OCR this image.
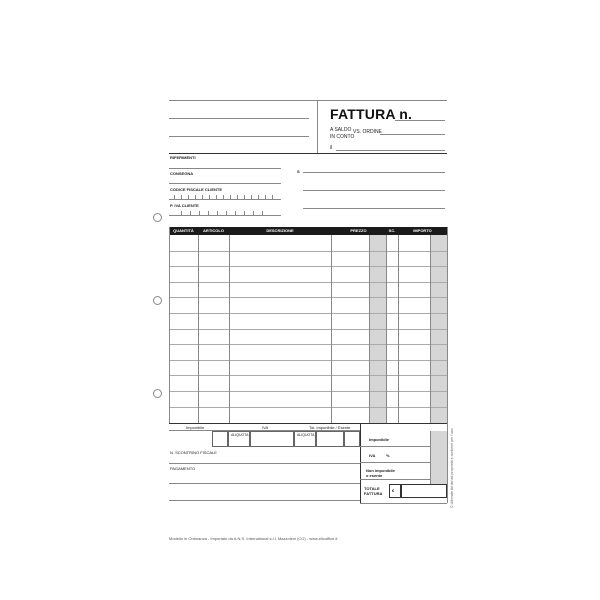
FATTURA n.
A SALDO
IN CONTO
VS. ORDINE
il
RIFERIMENTI
CONSEGNA
CODICE FISCALE CLIENTE
P. IVA CLIENTE
S
QUANTITÀ	ARTICOLO	DESCRIZIONE	PREZZO	SC.	IMPORTO
Imponibile	IVA	Tot. imponibile / Esente
ALIQUOTA	ALIQUOTA
Imponibile
IVA	%
Non imponibile o esente
TOTALE
FATTURA
€
N. SCONTRINO FISCALE
PAGAMENTO	© Ultimate ltd del ad proprietà e contiene per l'uso
Modello in Ordinanza - Importato da A.N.S. International s.r.l. Mazzoleni (CO) - www.elicoffice.it
